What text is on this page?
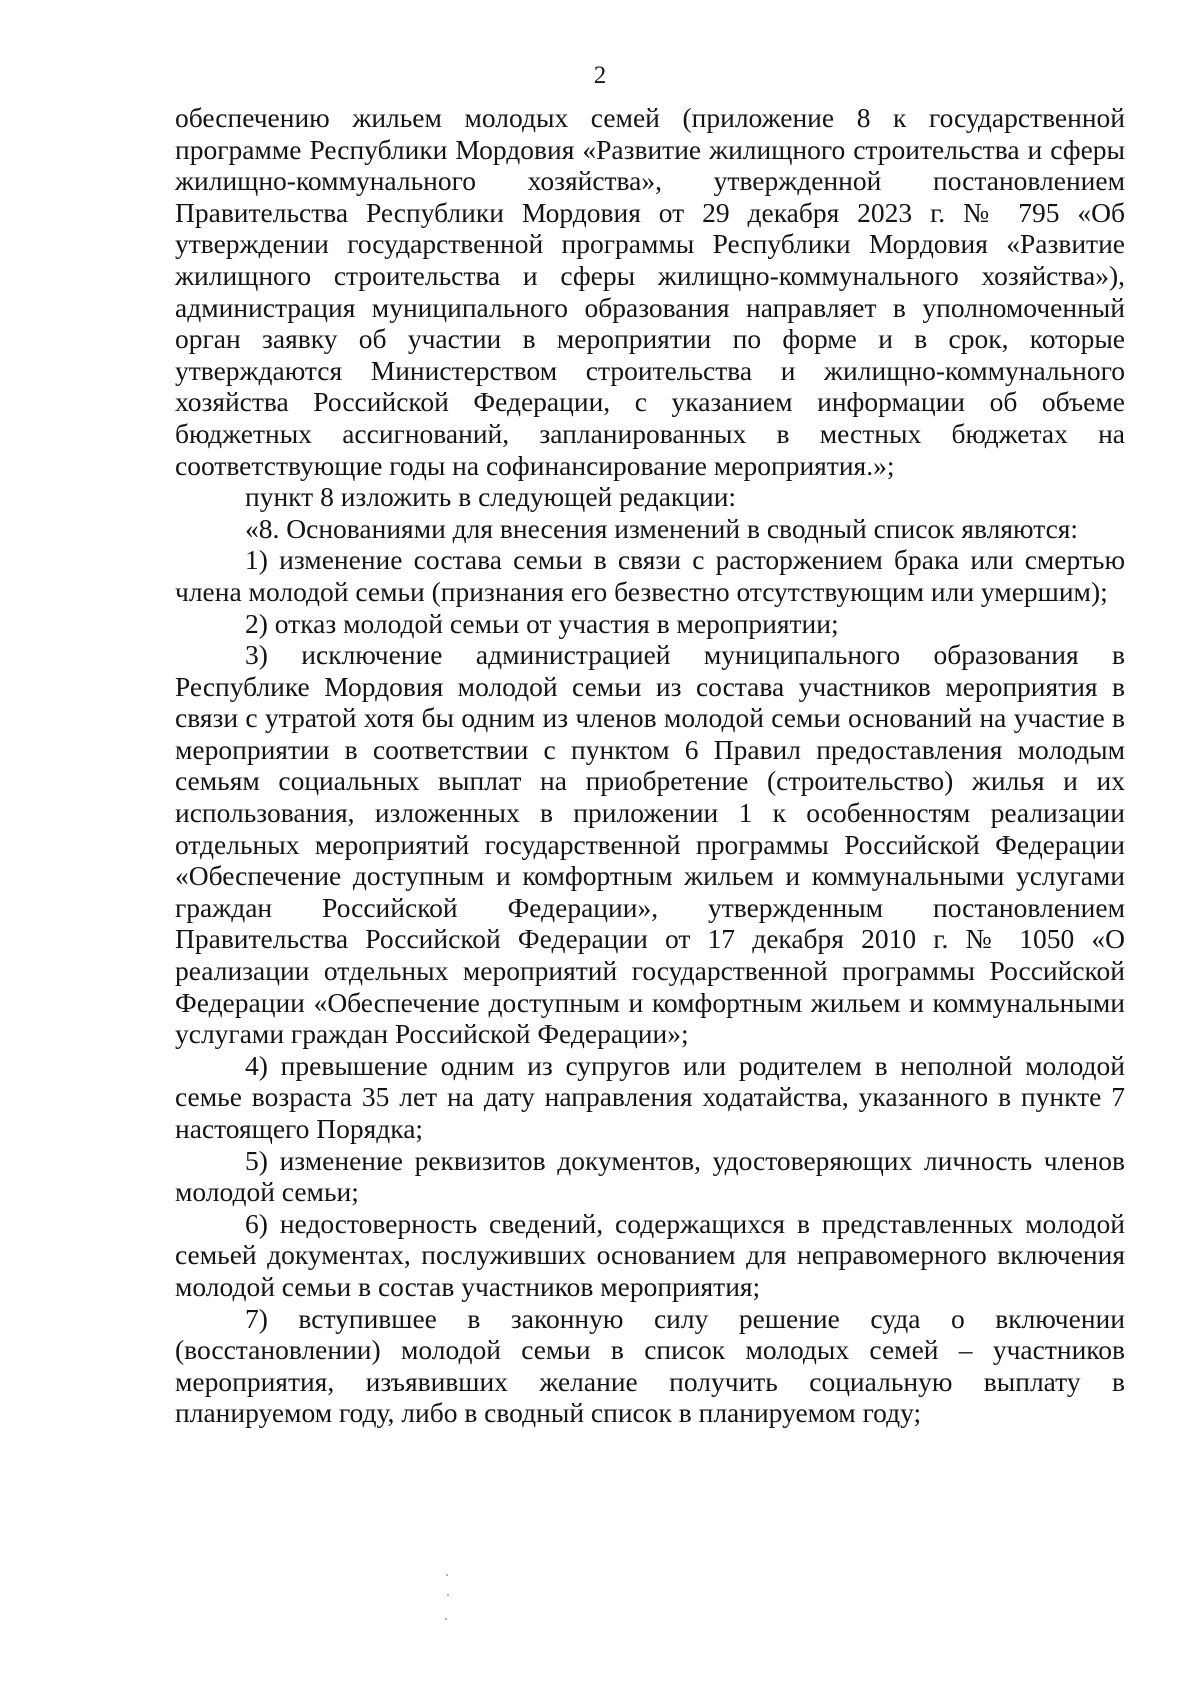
2

обеспечению жильем молодых семей (приложение 8 к государственной программе Республики Мордовия «Развитие жилищного строительства и сферы жилищно-коммунального хозяйства», утвержденной постановлением Правительства Республики Мордовия от 29 декабря 2023 г. № 795 «Об утверждении государственной программы Республики Мордовия «Развитие жилищного строительства и сферы жилищно-коммунального хозяйства»), администрация муниципального образования направляет в уполномоченный орган заявку об участии в мероприятии по форме и в срок, которые утверждаются Министерством строительства и жилищно-коммунального хозяйства Российской Федерации, с указанием информации об объеме бюджетных ассигнований, запланированных в местных бюджетах на соответствующие годы на софинансирование мероприятия.»;

пункт 8 изложить в следующей редакции:

«8. Основаниями для внесения изменений в сводный список являются:

1) изменение состава семьи в связи с расторжением брака или смертью члена молодой семьи (признания его безвестно отсутствующим или умершим);

2) отказ молодой семьи от участия в мероприятии;

3) исключение администрацией муниципального образования в Республике Мордовия молодой семьи из состава участников мероприятия в связи с утратой хотя бы одним из членов молодой семьи оснований на участие в мероприятии в соответствии с пунктом 6 Правил предоставления молодым семьям социальных выплат на приобретение (строительство) жилья и их использования, изложенных в приложении 1 к особенностям реализации отдельных мероприятий государственной программы Российской Федерации «Обеспечение доступным и комфортным жильем и коммунальными услугами граждан Российской Федерации», утвержденным постановлением Правительства Российской Федерации от 17 декабря 2010 г. № 1050 «О реализации отдельных мероприятий государственной программы Российской Федерации «Обеспечение доступным и комфортным жильем и коммунальными услугами граждан Российской Федерации»;

4) превышение одним из супругов или родителем в неполной молодой семье возраста 35 лет на дату направления ходатайства, указанного в пункте 7 настоящего Порядка;

5) изменение реквизитов документов, удостоверяющих личность членов молодой семьи;

6) недостоверность сведений, содержащихся в представленных молодой семьей документах, послуживших основанием для неправомерного включения молодой семьи в состав участников мероприятия;

7) вступившее в законную силу решение суда о включении (восстановлении) молодой семьи в список молодых семей – участников мероприятия, изъявивших желание получить социальную выплату в планируемом году, либо в сводный список в планируемом году;
